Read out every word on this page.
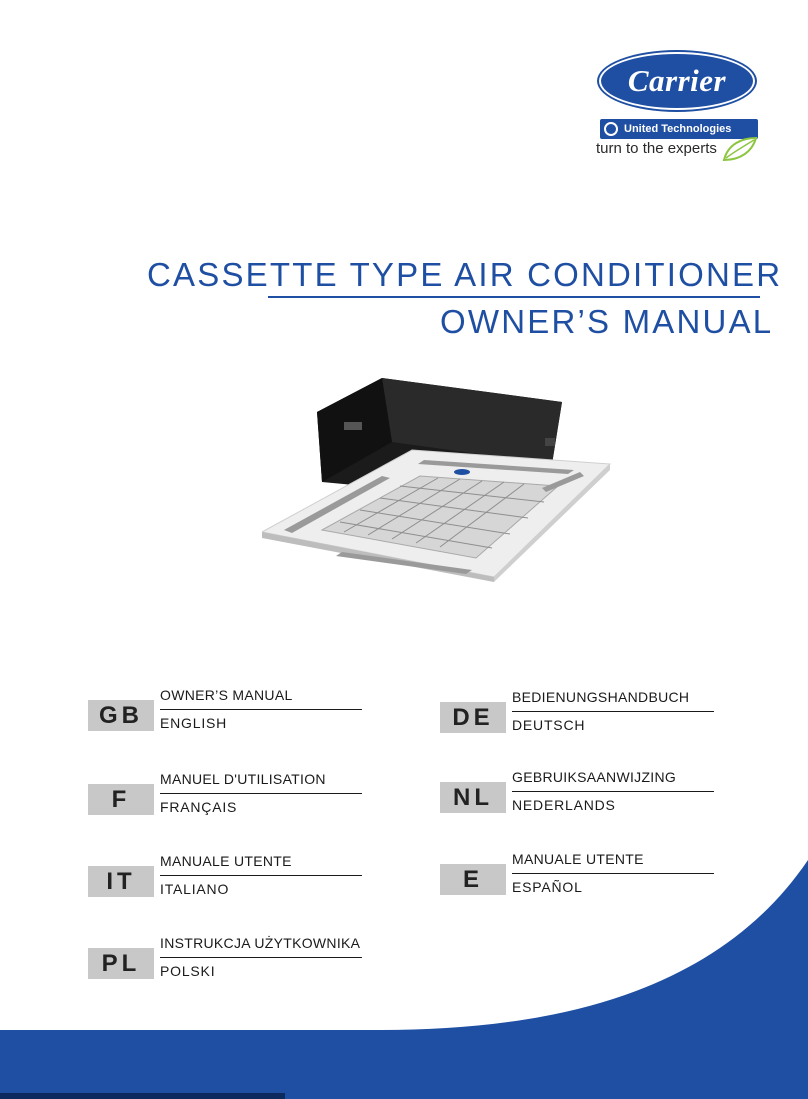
Carrier
United Technologies
turn to the experts
CASSETTE TYPE AIR CONDITIONER
OWNER’S MANUAL
GB
OWNER’S MANUAL
ENGLISH
F
MANUEL D'UTILISATION
FRANÇAIS
IT
MANUALE UTENTE
ITALIANO
PL
INSTRUKCJA UŻYTKOWNIKA
POLSKI
DE
BEDIENUNGSHANDBUCH
DEUTSCH
NL
GEBRUIKSAANWIJZING
NEDERLANDS
E
MANUALE UTENTE
ESPAÑOL
